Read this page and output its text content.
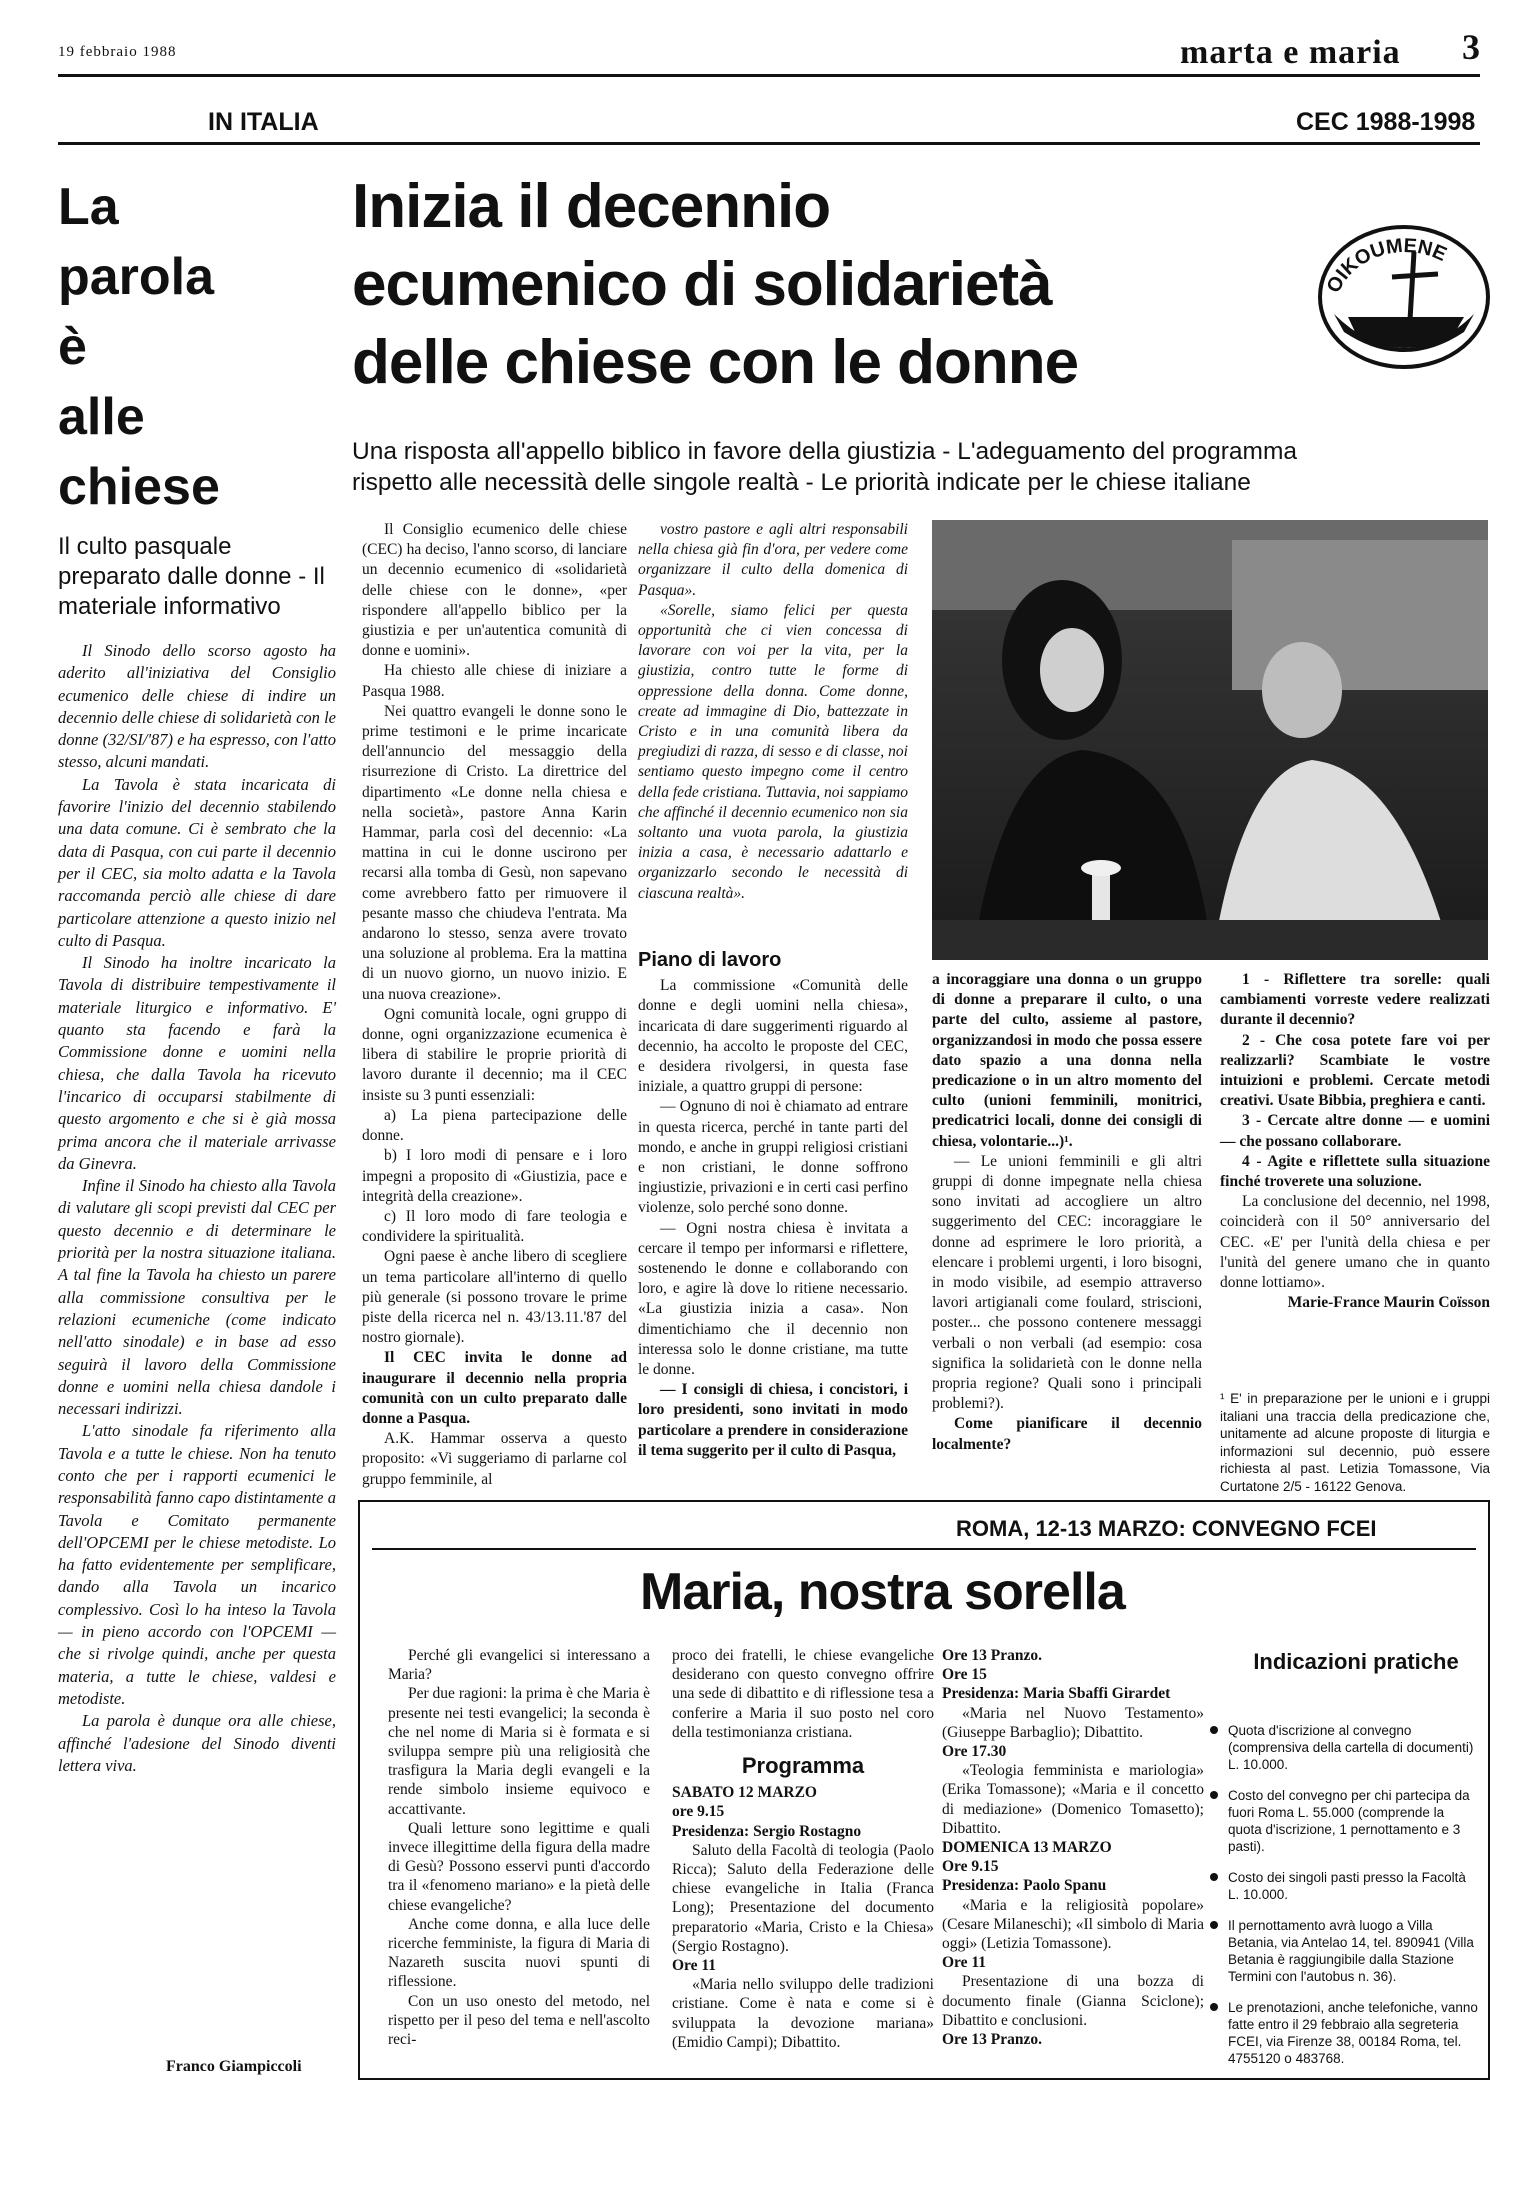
19 febbraio 1988	marta e maria 3
IN ITALIA	CEC 1988-1998
La
parola
è
alle
chiese
Il culto pasquale preparato dalle donne - Il materiale informativo

Il Sinodo dello scorso agosto ha aderito all'iniziativa del Consiglio ecumenico delle chiese di indire un decennio delle chiese di solidarietà con le donne (32/SI/'87) e ha espresso, con l'atto stesso, alcuni mandati.

La Tavola è stata incaricata di favorire l'inizio del decennio stabilendo una data comune. Ci è sembrato che la data di Pasqua, con cui parte il decennio per il CEC, sia molto adatta e la Tavola raccomanda perciò alle chiese di dare particolare attenzione a questo inizio nel culto di Pasqua.

Il Sinodo ha inoltre incaricato la Tavola di distribuire tempestivamente il materiale liturgico e informativo. E' quanto sta facendo e farà la Commissione donne e uomini nella chiesa, che dalla Tavola ha ricevuto l'incarico di occuparsi stabilmente di questo argomento e che si è già mossa prima ancora che il materiale arrivasse da Ginevra.

Infine il Sinodo ha chiesto alla Tavola di valutare gli scopi previsti dal CEC per questo decennio e di determinare le priorità per la nostra situazione italiana. A tal fine la Tavola ha chiesto un parere alla commissione consultiva per le relazioni ecumeniche (come indicato nell'atto sinodale) e in base ad esso seguirà il lavoro della Commissione donne e uomini nella chiesa dandole i necessari indirizzi.

L'atto sinodale fa riferimento alla Tavola e a tutte le chiese. Non ha tenuto conto che per i rapporti ecumenici le responsabilità fanno capo distintamente a Tavola e Comitato permanente dell'OPCEMI per le chiese metodiste. Lo ha fatto evidentemente per semplificare, dando alla Tavola un incarico complessivo. Così lo ha inteso la Tavola — in pieno accordo con l'OPCEMI — che si rivolge quindi, anche per questa materia, a tutte le chiese, valdesi e metodiste.

La parola è dunque ora alle chiese, affinché l'adesione del Sinodo diventi lettera viva.

Franco Giampiccoli
Inizia il decennio
ecumenico di solidarietà
delle chiese con le donne
OIKOUMENE
Una risposta all'appello biblico in favore della giustizia - L'adeguamento del programma
rispetto alle necessità delle singole realtà - Le priorità indicate per le chiese italiane

Il Consiglio ecumenico delle chiese (CEC) ha deciso, l'anno scorso, di lanciare un decennio ecumenico di «solidarietà delle chiese con le donne», «per rispondere all'appello biblico per la giustizia e per un'autentica comunità di donne e uomini».

Ha chiesto alle chiese di iniziare a Pasqua 1988.

Nei quattro evangeli le donne sono le prime testimoni e le prime incaricate dell'annuncio del messaggio della risurrezione di Cristo. La direttrice del dipartimento «Le donne nella chiesa e nella società», pastore Anna Karin Hammar, parla così del decennio: «La mattina in cui le donne uscirono per recarsi alla tomba di Gesù, non sapevano come avrebbero fatto per rimuovere il pesante masso che chiudeva l'entrata. Ma andarono lo stesso, senza avere trovato una soluzione al problema. Era la mattina di un nuovo giorno, un nuovo inizio. E una nuova creazione».

Ogni comunità locale, ogni gruppo di donne, ogni organizzazione ecumenica è libera di stabilire le proprie priorità di lavoro durante il decennio; ma il CEC insiste su 3 punti essenziali:

a) La piena partecipazione delle donne.

b) I loro modi di pensare e i loro impegni a proposito di «Giustizia, pace e integrità della creazione».

c) Il loro modo di fare teologia e condividere la spiritualità.

Ogni paese è anche libero di scegliere un tema particolare all'interno di quello più generale (si possono trovare le prime piste della ricerca nel n. 43/13.11.'87 del nostro giornale).

Il CEC invita le donne ad inaugurare il decennio nella propria comunità con un culto preparato dalle donne a Pasqua.

A.K. Hammar osserva a questo proposito: «Vi suggeriamo di parlarne col gruppo femminile, al

vostro pastore e agli altri responsabili nella chiesa già fin d'ora, per vedere come organizzare il culto della domenica di Pasqua».

«Sorelle, siamo felici per questa opportunità che ci vien concessa di lavorare con voi per la vita, per la giustizia, contro tutte le forme di oppressione della donna. Come donne, create ad immagine di Dio, battezzate in Cristo e in una comunità libera da pregiudizi di razza, di sesso e di classe, noi sentiamo questo impegno come il centro della fede cristiana. Tuttavia, noi sappiamo che affinché il decennio ecumenico non sia soltanto una vuota parola, la giustizia inizia a casa, è necessario adattarlo e organizzarlo secondo le necessità di ciascuna realtà».

Piano di lavoro

La commissione «Comunità delle donne e degli uomini nella chiesa», incaricata di dare suggerimenti riguardo al decennio, ha accolto le proposte del CEC, e desidera rivolgersi, in questa fase iniziale, a quattro gruppi di persone:

— Ognuno di noi è chiamato ad entrare in questa ricerca, perché in tante parti del mondo, e anche in gruppi religiosi cristiani e non cristiani, le donne soffrono ingiustizie, privazioni e in certi casi perfino violenze, solo perché sono donne.

— Ogni nostra chiesa è invitata a cercare il tempo per informarsi e riflettere, sostenendo le donne e collaborando con loro, e agire là dove lo ritiene necessario. «La giustizia inizia a casa». Non dimentichiamo che il decennio non interessa solo le donne cristiane, ma tutte le donne.

— I consigli di chiesa, i concistori, i loro presidenti, sono invitati in modo particolare a prendere in considerazione il tema suggerito per il culto di Pasqua,

a incoraggiare una donna o un gruppo di donne a preparare il culto, o una parte del culto, assieme al pastore, organizzandosi in modo che possa essere dato spazio a una donna nella predicazione o in un altro momento del culto (unioni femminili, monitrici, predicatrici locali, donne dei consigli di chiesa, volontarie...)¹.

— Le unioni femminili e gli altri gruppi di donne impegnate nella chiesa sono invitati ad accogliere un altro suggerimento del CEC: incoraggiare le donne ad esprimere le loro priorità, a elencare i problemi urgenti, i loro bisogni, in modo visibile, ad esempio attraverso lavori artigianali come foulard, striscioni, poster... che possono contenere messaggi verbali o non verbali (ad esempio: cosa significa la solidarietà con le donne nella propria regione? Quali sono i principali problemi?).

Come pianificare il decennio localmente?

1 - Riflettere tra sorelle: quali cambiamenti vorreste vedere realizzati durante il decennio?

2 - Che cosa potete fare voi per realizzarli? Scambiate le vostre intuizioni e problemi. Cercate metodi creativi. Usate Bibbia, preghiera e canti.

3 - Cercate altre donne — e uomini — che possano collaborare.

4 - Agite e riflettete sulla situazione finché troverete una soluzione.

La conclusione del decennio, nel 1998, coinciderà con il 50° anniversario del CEC. «E' per l'unità della chiesa e per l'unità del genere umano che in quanto donne lottiamo».

Marie-France Maurin Coïsson

¹ E' in preparazione per le unioni e i gruppi italiani una traccia della predicazione che, unitamente ad alcune proposte di liturgia e informazioni sul decennio, può essere richiesta al past. Letizia Tomassone, Via Curtatone 2/5 - 16122 Genova.
ROMA, 12-13 MARZO: CONVEGNO FCEI
Maria, nostra sorella

Perché gli evangelici si interessano a Maria?

Per due ragioni: la prima è che Maria è presente nei testi evangelici; la seconda è che nel nome di Maria si è formata e si sviluppa sempre più una religiosità che trasfigura la Maria degli evangeli e la rende simbolo insieme equivoco e accattivante.

Quali letture sono legittime e quali invece illegittime della figura della madre di Gesù? Possono esservi punti d'accordo tra il «fenomeno mariano» e la pietà delle chiese evangeliche?

Anche come donna, e alla luce delle ricerche femministe, la figura di Maria di Nazareth suscita nuovi spunti di riflessione.

Con un uso onesto del metodo, nel rispetto per il peso del tema e nell'ascolto reci-

proco dei fratelli, le chiese evangeliche desiderano con questo convegno offrire una sede di dibattito e di riflessione tesa a conferire a Maria il suo posto nel coro della testimonianza cristiana.

Programma

SABATO 12 MARZO

ore 9.15

Presidenza: Sergio Rostagno

Saluto della Facoltà di teologia (Paolo Ricca); Saluto della Federazione delle chiese evangeliche in Italia (Franca Long); Presentazione del documento preparatorio «Maria, Cristo e la Chiesa» (Sergio Rostagno).

Ore 11

«Maria nello sviluppo delle tradizioni cristiane. Come è nata e come si è sviluppata la devozione mariana» (Emidio Campi); Dibattito.

Ore 13 Pranzo.

Ore 15

Presidenza: Maria Sbaffi Girardet

«Maria nel Nuovo Testamento» (Giuseppe Barbaglio); Dibattito.

Ore 17.30

«Teologia femminista e mariologia» (Erika Tomassone); «Maria e il concetto di mediazione» (Domenico Tomasetto); Dibattito.

DOMENICA 13 MARZO

Ore 9.15

Presidenza: Paolo Spanu

«Maria e la religiosità popolare» (Cesare Milaneschi); «Il simbolo di Maria oggi» (Letizia Tomassone).

Ore 11

Presentazione di una bozza di documento finale (Gianna Sciclone); Dibattito e conclusioni.

Ore 13 Pranzo.

Indicazioni pratiche
Quota d'iscrizione al convegno (comprensiva della cartella di documenti) L. 10.000.
Costo del convegno per chi partecipa da fuori Roma L. 55.000 (comprende la quota d'iscrizione, 1 pernottamento e 3 pasti).
Costo dei singoli pasti presso la Facoltà L. 10.000.
Il pernottamento avrà luogo a Villa Betania, via Antelao 14, tel. 890941 (Villa Betania è raggiungibile dalla Stazione Termini con l'autobus n. 36).
Le prenotazioni, anche telefoniche, vanno fatte entro il 29 febbraio alla segreteria FCEI, via Firenze 38, 00184 Roma, tel. 4755120 o 483768.
